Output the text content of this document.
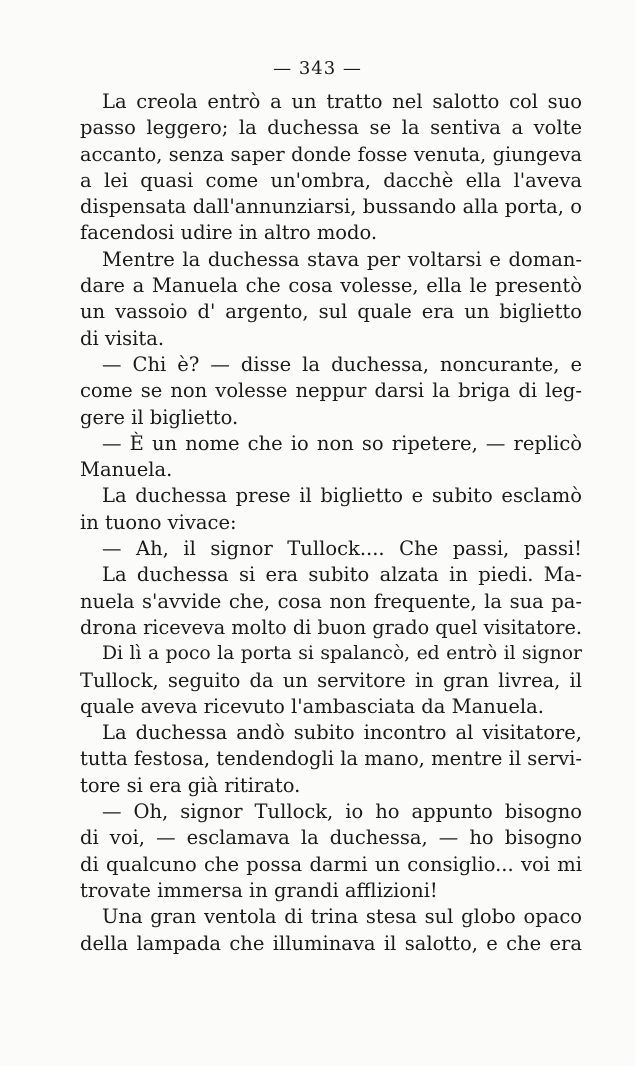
— 343 —
La creola entrò a un tratto nel salotto col suo
passo leggero; la duchessa se la sentiva a volte
accanto, senza saper donde fosse venuta, giungeva
a lei quasi come un'ombra, dacchè ella l'aveva
dispensata dall'annunziarsi, bussando alla porta, o
facendosi udire in altro modo.
Mentre la duchessa stava per voltarsi e doman-
dare a Manuela che cosa volesse, ella le presentò
un vassoio d' argento, sul quale era un biglietto
di visita.
— Chi è? — disse la duchessa, noncurante, e
come se non volesse neppur darsi la briga di leg-
gere il biglietto.
— È un nome che io non so ripetere, — replicò
Manuela.
La duchessa prese il biglietto e subito esclamò
in tuono vivace:
— Ah, il signor Tullock.... Che passi, passi!
La duchessa si era subito alzata in piedi. Ma-
nuela s'avvide che, cosa non frequente, la sua pa-
drona riceveva molto di buon grado quel visitatore.
Di lì a poco la porta si spalancò, ed entrò il signor
Tullock, seguito da un servitore in gran livrea, il
quale aveva ricevuto l'ambasciata da Manuela.
La duchessa andò subito incontro al visitatore,
tutta festosa, tendendogli la mano, mentre il servi-
tore si era già ritirato.
— Oh, signor Tullock, io ho appunto bisogno
di voi, — esclamava la duchessa, — ho bisogno
di qualcuno che possa darmi un consiglio... voi mi
trovate immersa in grandi afflizioni!
Una gran ventola di trina stesa sul globo opaco
della lampada che illuminava il salotto, e che era
